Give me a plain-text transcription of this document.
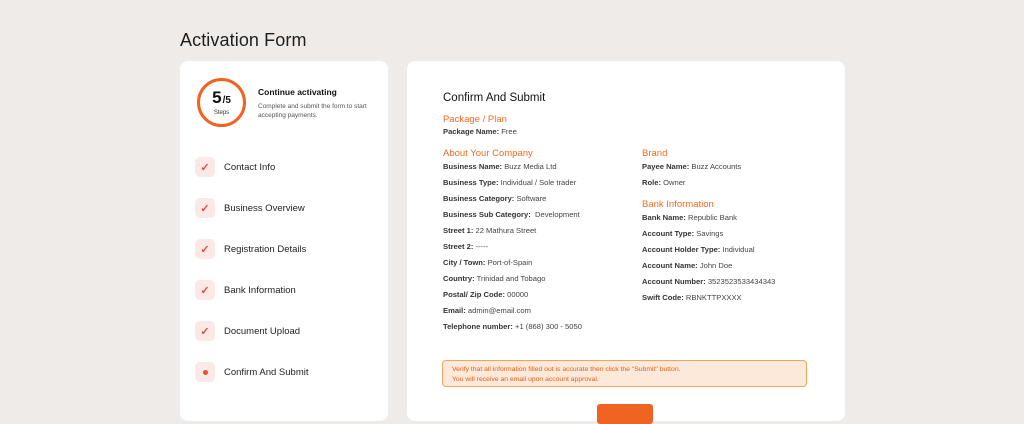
Activation Form
5/5
Steps
Continue activating
Complete and submit the form to start accepting payments.
✓	Contact Info
✓	Business Overview
✓	Registration Details
✓	Bank Information
✓	Document Upload
Confirm And Submit
Confirm And Submit
Package / Plan
Package Name: Free
About Your Company
Business Name: Buzz Media Ltd
Business Type: Individual / Sole trader
Business Category: Software
Business Sub Category:  Development
Street 1: 22 Mathura Street
Street 2: -----
City / Town: Port-of-Spain
Country: Trinidad and Tobago
Postal/ Zip Code: 00000
Email: admin@email.com
Telephone number: +1 (868) 300 - 5050
Brand
Payee Name: Buzz Accounts
Role: Owner
Bank Information
Bank Name: Republic Bank
Account Type: Savings
Account Holder Type: Individual
Account Name: John Doe
Account Number: 3523523533434343
Swift Code: RBNKTTPXXXX
Verify that all information filled out is accurate then click the "Submit" button.
You will receive an email upon account approval.
